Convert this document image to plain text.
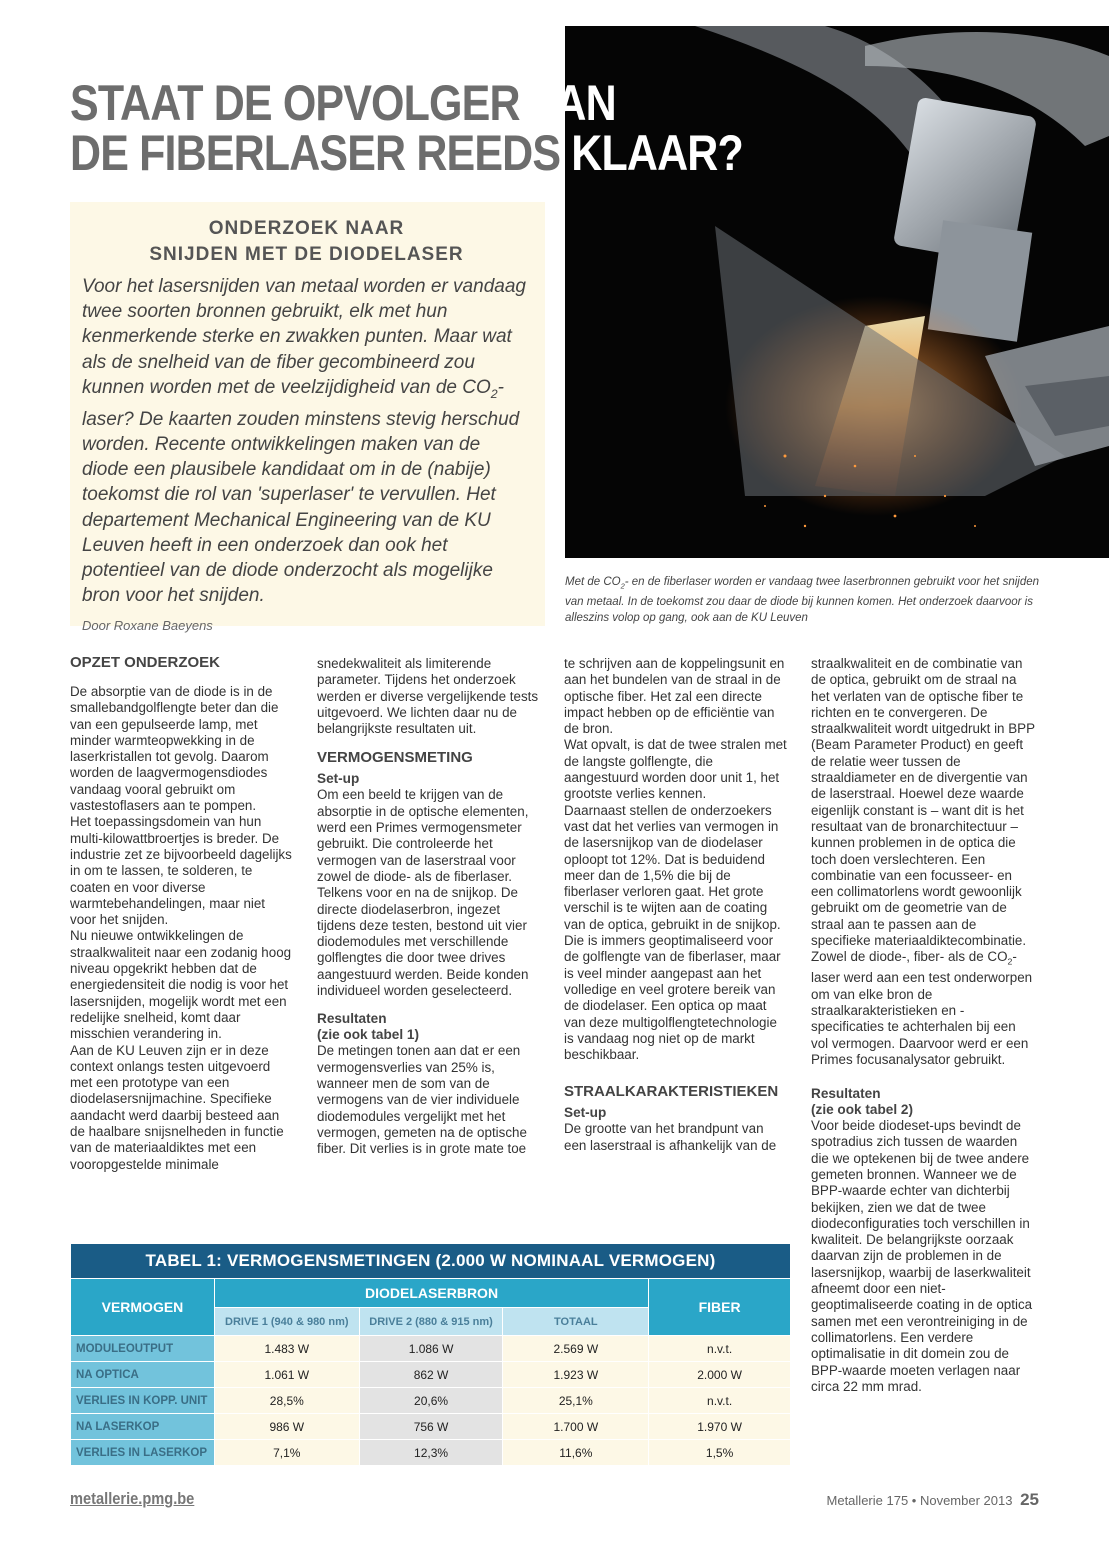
STAAT DE OPVOLGER VAN
DE FIBERLASER REEDS KLAAR?
ONDERZOEK NAAR
SNIJDEN MET DE DIODELASER

Voor het lasersnijden van metaal worden er vandaag twee soorten bronnen gebruikt, elk met hun kenmerkende sterke en zwakken punten. Maar wat als de snelheid van de fiber gecombineerd zou kunnen worden met de veelzijdigheid van de $CO_2$-laser? De kaarten zouden minstens stevig herschud worden. Recente ontwikkelingen maken van de diode een plausibele kandidaat om in de (nabije) toekomst die rol van 'superlaser' te vervullen. Het departement Mechanical Engineering van de KU Leuven heeft in een onderzoek dan ook het potentieel van de diode onderzocht als mogelijke bron voor het snijden.

Door Roxane Baeyens

Met de $CO_2-$ en de fiberlaser worden er vandaag twee laserbronnen gebruikt voor het snijden van metaal. In de toekomst zou daar de diode bij kunnen komen. Het onderzoek daarvoor is alleszins volop op gang, ook aan de KU Leuven

OPZET ONDERZOEK

De absorptie van de diode is in de smallebandgolflengte beter dan die van een gepulseerde lamp, met minder warmteopwekking in de laserkristallen tot gevolg. Daarom worden de laagvermogensdiodes vandaag vooral gebruikt om vastestoflasers aan te pompen.

Het toepassingsdomein van hun multi-kilowattbroertjes is breder. De industrie zet ze bijvoorbeeld dagelijks in om te lassen, te solderen, te coaten en voor diverse warmtebehandelingen, maar niet voor het snijden.

Nu nieuwe ontwikkelingen de straalkwaliteit naar een zodanig hoog niveau opgekrikt hebben dat de energiedensiteit die nodig is voor het lasersnijden, mogelijk wordt met een redelijke snelheid, komt daar misschien verandering in.

Aan de KU Leuven zijn er in deze context onlangs testen uitgevoerd met een prototype van een diodelasersnijmachine. Specifieke aandacht werd daarbij besteed aan de haalbare snijsnelheden in functie van de materiaaldiktes met een vooropgestelde minimale

snedekwaliteit als limiterende parameter. Tijdens het onderzoek werden er diverse vergelijkende tests uitgevoerd. We lichten daar nu de belangrijkste resultaten uit.

VERMOGENSMETING
Set-up

Om een beeld te krijgen van de absorptie in de optische elementen, werd een Primes vermogensmeter gebruikt. Die controleerde het vermogen van de laserstraal voor zowel de diode- als de fiberlaser. Telkens voor en na de snijkop. De directe diodelaserbron, ingezet tijdens deze testen, bestond uit vier diodemodules met verschillende golflengtes die door twee drives aangestuurd werden. Beide konden individueel worden geselecteerd.

Resultaten
(zie ook tabel 1)

De metingen tonen aan dat er een vermogensverlies van 25% is, wanneer men de som van de vermogens van de vier individuele diodemodules vergelijkt met het vermogen, gemeten na de optische fiber. Dit verlies is in grote mate toe

te schrijven aan de koppelingsunit en aan het bundelen van de straal in de optische fiber. Het zal een directe impact hebben op de efficiëntie van de bron.

Wat opvalt, is dat de twee stralen met de langste golflengte, die aangestuurd worden door unit 1, het grootste verlies kennen.

Daarnaast stellen de onderzoekers vast dat het verlies van vermogen in de lasersnijkop van de diodelaser oploopt tot 12%. Dat is beduidend meer dan de 1,5% die bij de fiberlaser verloren gaat. Het grote verschil is te wijten aan de coating van de optica, gebruikt in de snijkop. Die is immers geoptimaliseerd voor de golflengte van de fiberlaser, maar is veel minder aangepast aan het volledige en veel grotere bereik van de diodelaser. Een optica op maat van deze multigolflengtetechnologie is vandaag nog niet op de markt beschikbaar.

STRAALKARAKTERISTIEKEN
Set-up

De grootte van het brandpunt van een laserstraal is afhankelijk van de

straalkwaliteit en de combinatie van de optica, gebruikt om de straal na het verlaten van de optische fiber te richten en te convergeren. De straalkwaliteit wordt uitgedrukt in BPP (Beam Parameter Product) en geeft de relatie weer tussen de straaldiameter en de divergentie van de laserstraal. Hoewel deze waarde eigenlijk constant is – want dit is het resultaat van de bronarchitectuur – kunnen problemen in de optica die toch doen verslechteren. Een combinatie van een focusseer- en een collimatorlens wordt gewoonlijk gebruikt om de geometrie van de straal aan te passen aan de specifieke materiaaldiktecombinatie. Zowel de diode-, fiber- als de $CO_2$-laser werd aan een test onderworpen om van elke bron de straalkarakteristieken en -specificaties te achterhalen bij een vol vermogen. Daarvoor werd er een Primes focusanalysator gebruikt.

Resultaten
(zie ook tabel 2)

Voor beide diodeset-ups bevindt de spotradius zich tussen de waarden die we optekenen bij de twee andere gemeten bronnen. Wanneer we de BPP-waarde echter van dichterbij bekijken, zien we dat de twee diodeconfiguraties toch verschillen in kwaliteit. De belangrijkste oorzaak daarvan zijn de problemen in de lasersnijkop, waarbij de laserkwaliteit afneemt door een niet-geoptimaliseerde coating in de optica samen met een verontreiniging in de collimatorlens. Een verdere optimalisatie in dit domein zou de BPP-waarde moeten verlagen naar circa 22 mm mrad.

TABEL 1: VERMOGENSMETINGEN (2.000 W NOMINAAL VERMOGEN)				
VERMOGEN	DIODELASERBRON			FIBER
	DRIVE 1 (940 & 980 nm)	DRIVE 2 (880 & 915 nm)	TOTAAL	
MODULEOUTPUT	1.483 W	1.086 W	2.569 W	n.v.t.
NA OPTICA	1.061 W	862 W	1.923 W	2.000 W
VERLIES IN KOPP. UNIT	28,5%	20,6%	25,1%	n.v.t.
NA LASERKOP	986 W	756 W	1.700 W	1.970 W
VERLIES IN LASERKOP	7,1%	12,3%	11,6%	1,5%
metallerie.pmg.be	Metallerie 175 • November 2013 25
